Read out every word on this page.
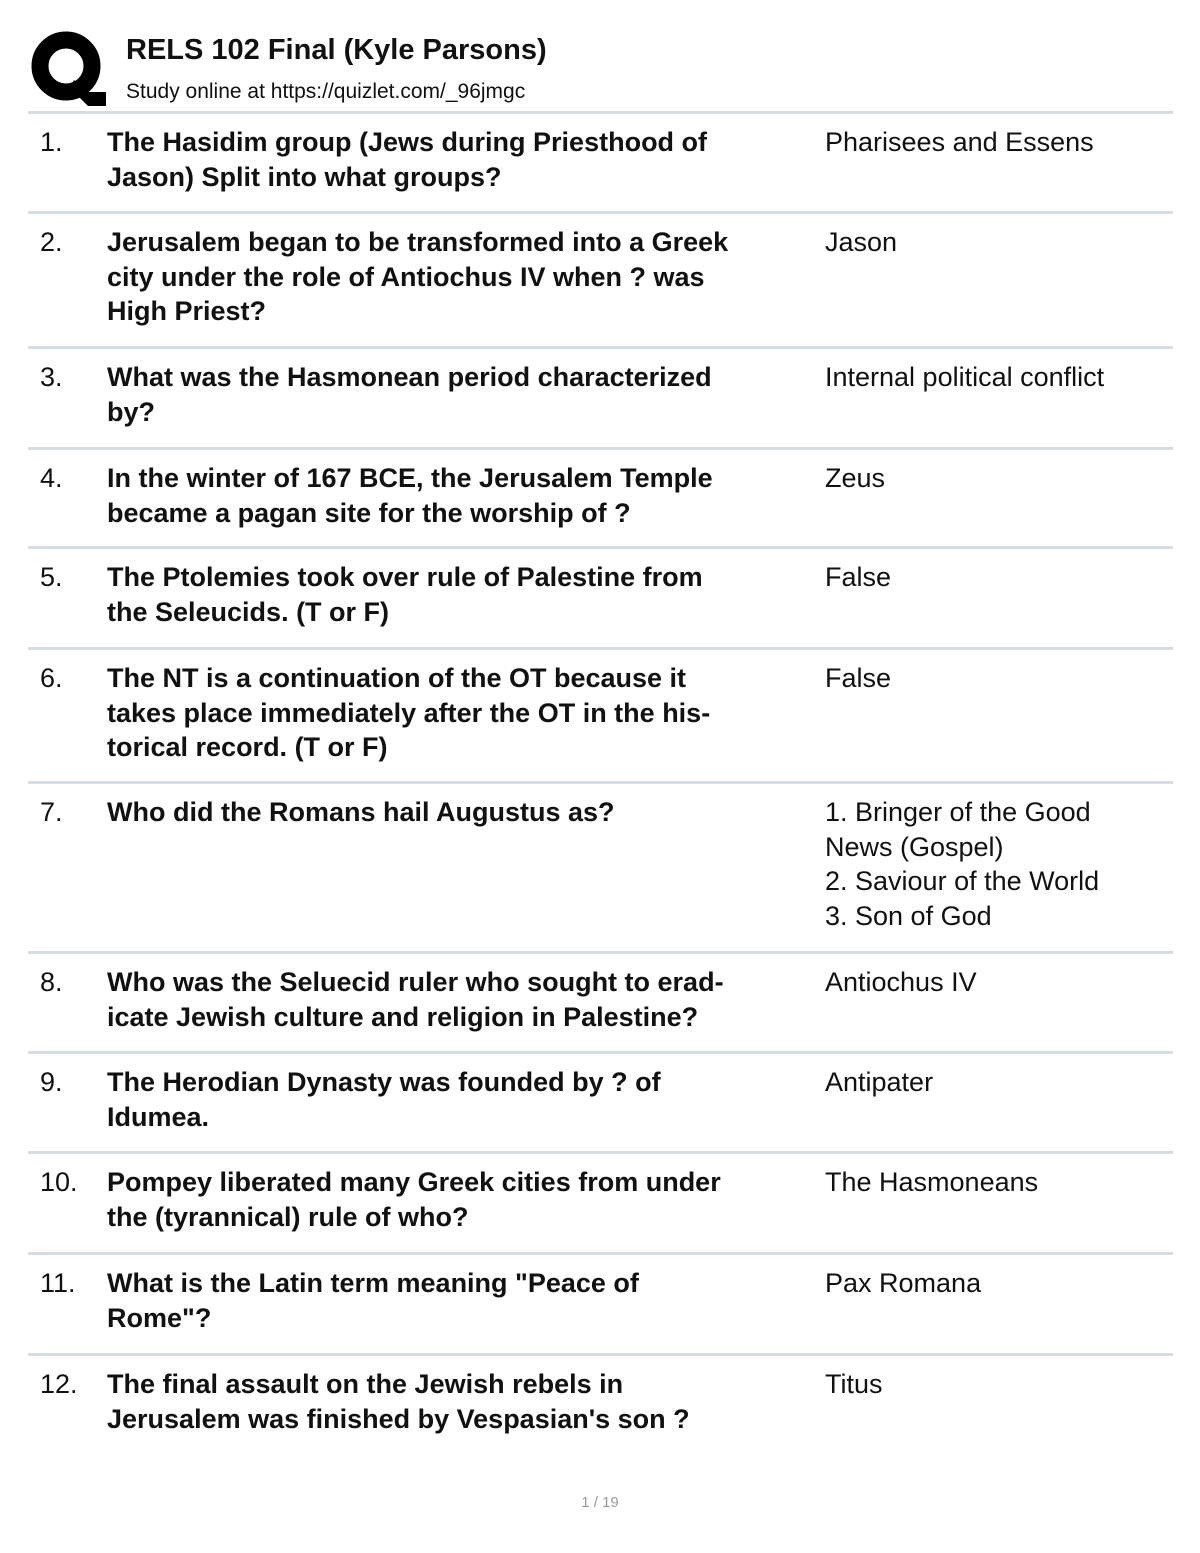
RELS 102 Final (Kyle Parsons)
Study online at https://quizlet.com/_96jmgc
1. The Hasidim group (Jews during Priesthood of
Jason) Split into what groups?
Pharisees and Essens
2. Jerusalem began to be transformed into a Greek
city under the role of Antiochus IV when ? was
High Priest?
Jason
3. What was the Hasmonean period characterized
by?
Internal political conflict
4. In the winter of 167 BCE, the Jerusalem Temple
became a pagan site for the worship of ?
Zeus
5. The Ptolemies took over rule of Palestine from
the Seleucids. (T or F)
False
6. The NT is a continuation of the OT because it
takes place immediately after the OT in the his-
torical record. (T or F)
False
7. Who did the Romans hail Augustus as?	1. Bringer of the Good
News (Gospel)
2. Saviour of the World
3. Son of God
8. Who was the Seluecid ruler who sought to erad-
icate Jewish culture and religion in Palestine?
Antiochus IV
9. The Herodian Dynasty was founded by ? of
Idumea.
Antipater
10. Pompey liberated many Greek cities from under
the (tyrannical) rule of who?
The Hasmoneans
11. What is the Latin term meaning "Peace of
Rome"?
Pax Romana
12. The final assault on the Jewish rebels in
Jerusalem was finished by Vespasian's son ?
Titus
1 / 19
